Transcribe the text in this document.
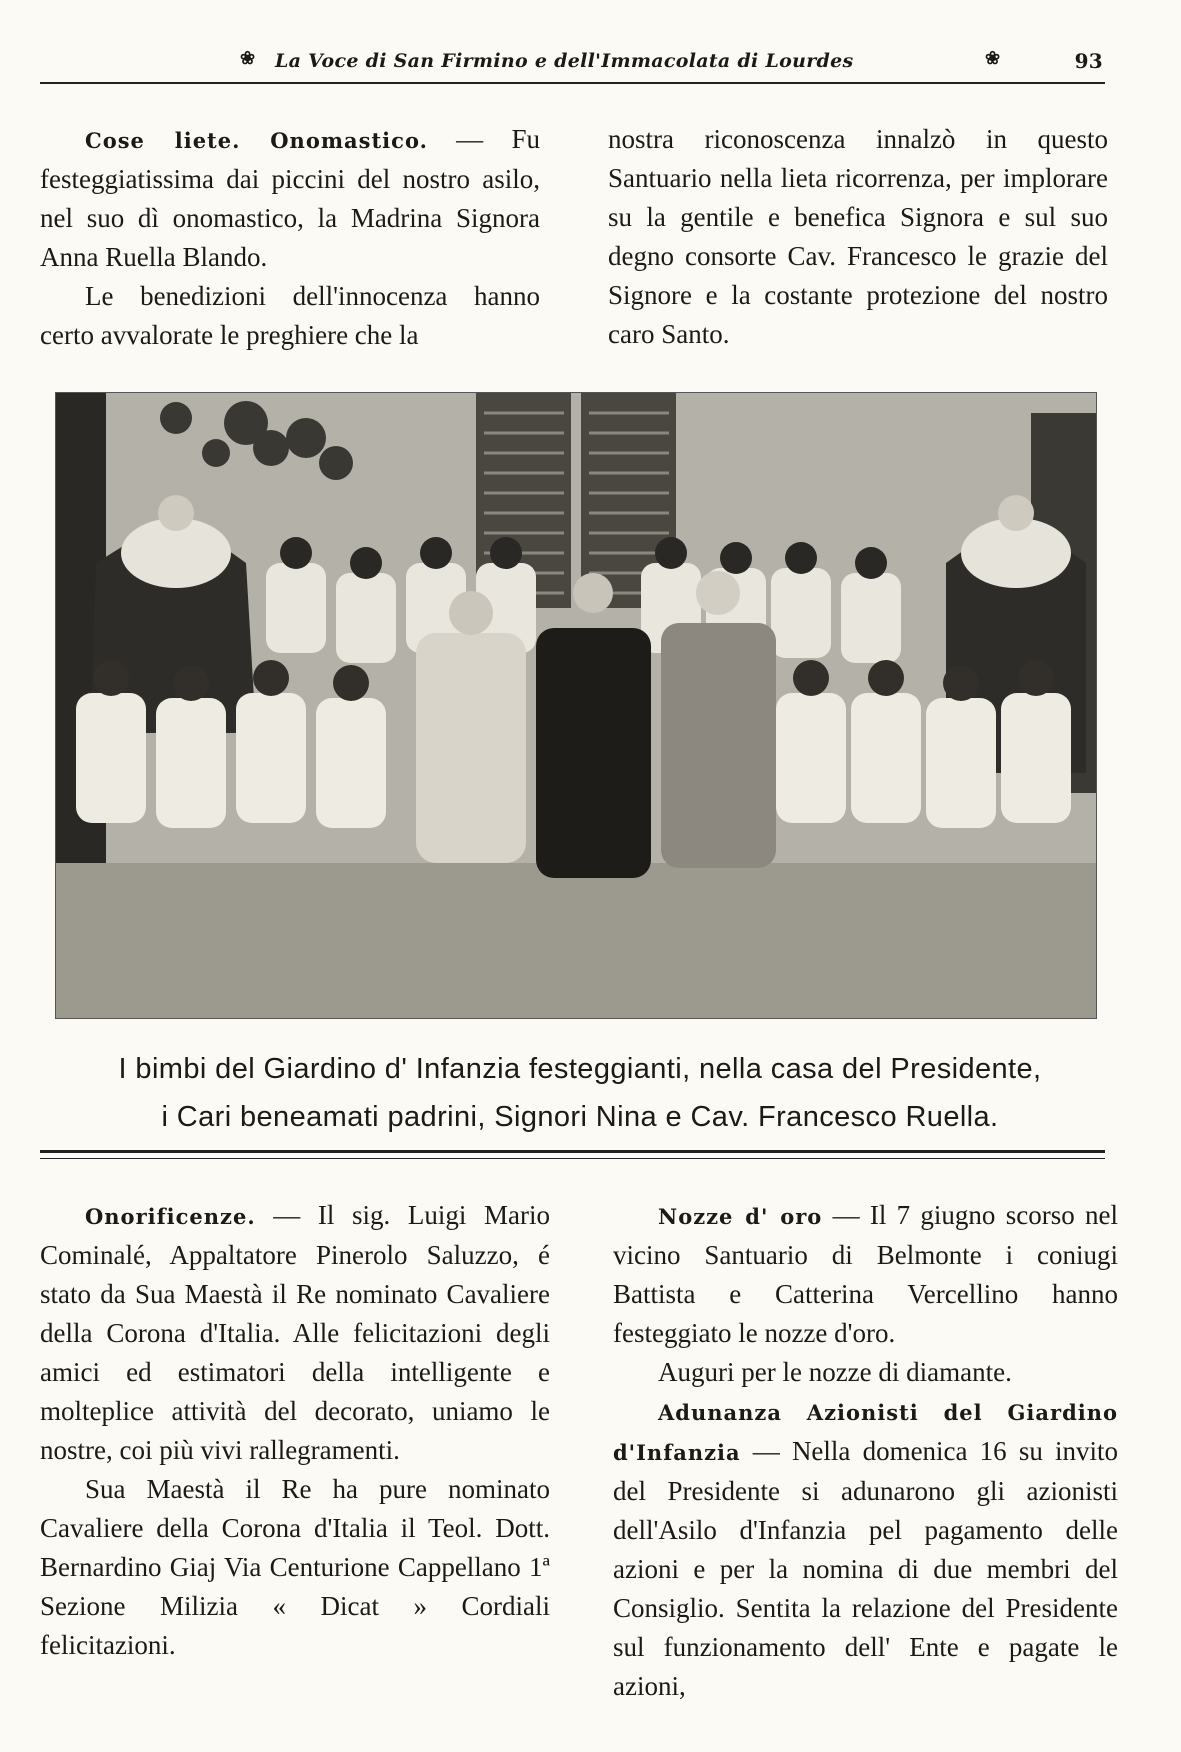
❀ La Voce di San Firmino e dell'Immacolata di Lourdes	❀	93

Cose liete. Onomastico. — Fu festeggiatissima dai piccini del nostro asilo, nel suo dì onomastico, la Madrina Signora Anna Ruella Blando.

Le benedizioni dell'innocenza hanno certo avvalorate le preghiere che la

nostra riconoscenza innalzò in questo Santuario nella lieta ricorrenza, per implorare su la gentile e benefica Signora e sul suo degno consorte Cav. Francesco le grazie del Signore e la costante protezione del nostro caro Santo.

I bimbi del Giardino d' Infanzia festeggianti, nella casa del Presidente,
i Cari beneamati padrini, Signori Nina e Cav. Francesco Ruella.

Onorificenze. — Il sig. Luigi Mario Cominalé, Appaltatore Pinerolo Saluzzo, é stato da Sua Maestà il Re nominato Cavaliere della Corona d'Italia. Alle felicitazioni degli amici ed estimatori della intelligente e molteplice attività del decorato, uniamo le nostre, coi più vivi rallegramenti.

Sua Maestà il Re ha pure nominato Cavaliere della Corona d'Italia il Teol. Dott. Bernardino Giaj Via Centurione Cappellano 1ª Sezione Milizia « Dicat » Cordiali felicitazioni.

Nozze d' oro — Il 7 giugno scorso nel vicino Santuario di Belmonte i coniugi Battista e Catterina Vercellino hanno festeggiato le nozze d'oro.

Auguri per le nozze di diamante.

Adunanza Azionisti del Giardino d'Infanzia — Nella domenica 16 su invito del Presidente si adunarono gli azionisti dell'Asilo d'Infanzia pel pagamento delle azioni e per la nomina di due membri del Consiglio. Sentita la relazione del Presidente sul funzionamento dell' Ente e pagate le azioni,
